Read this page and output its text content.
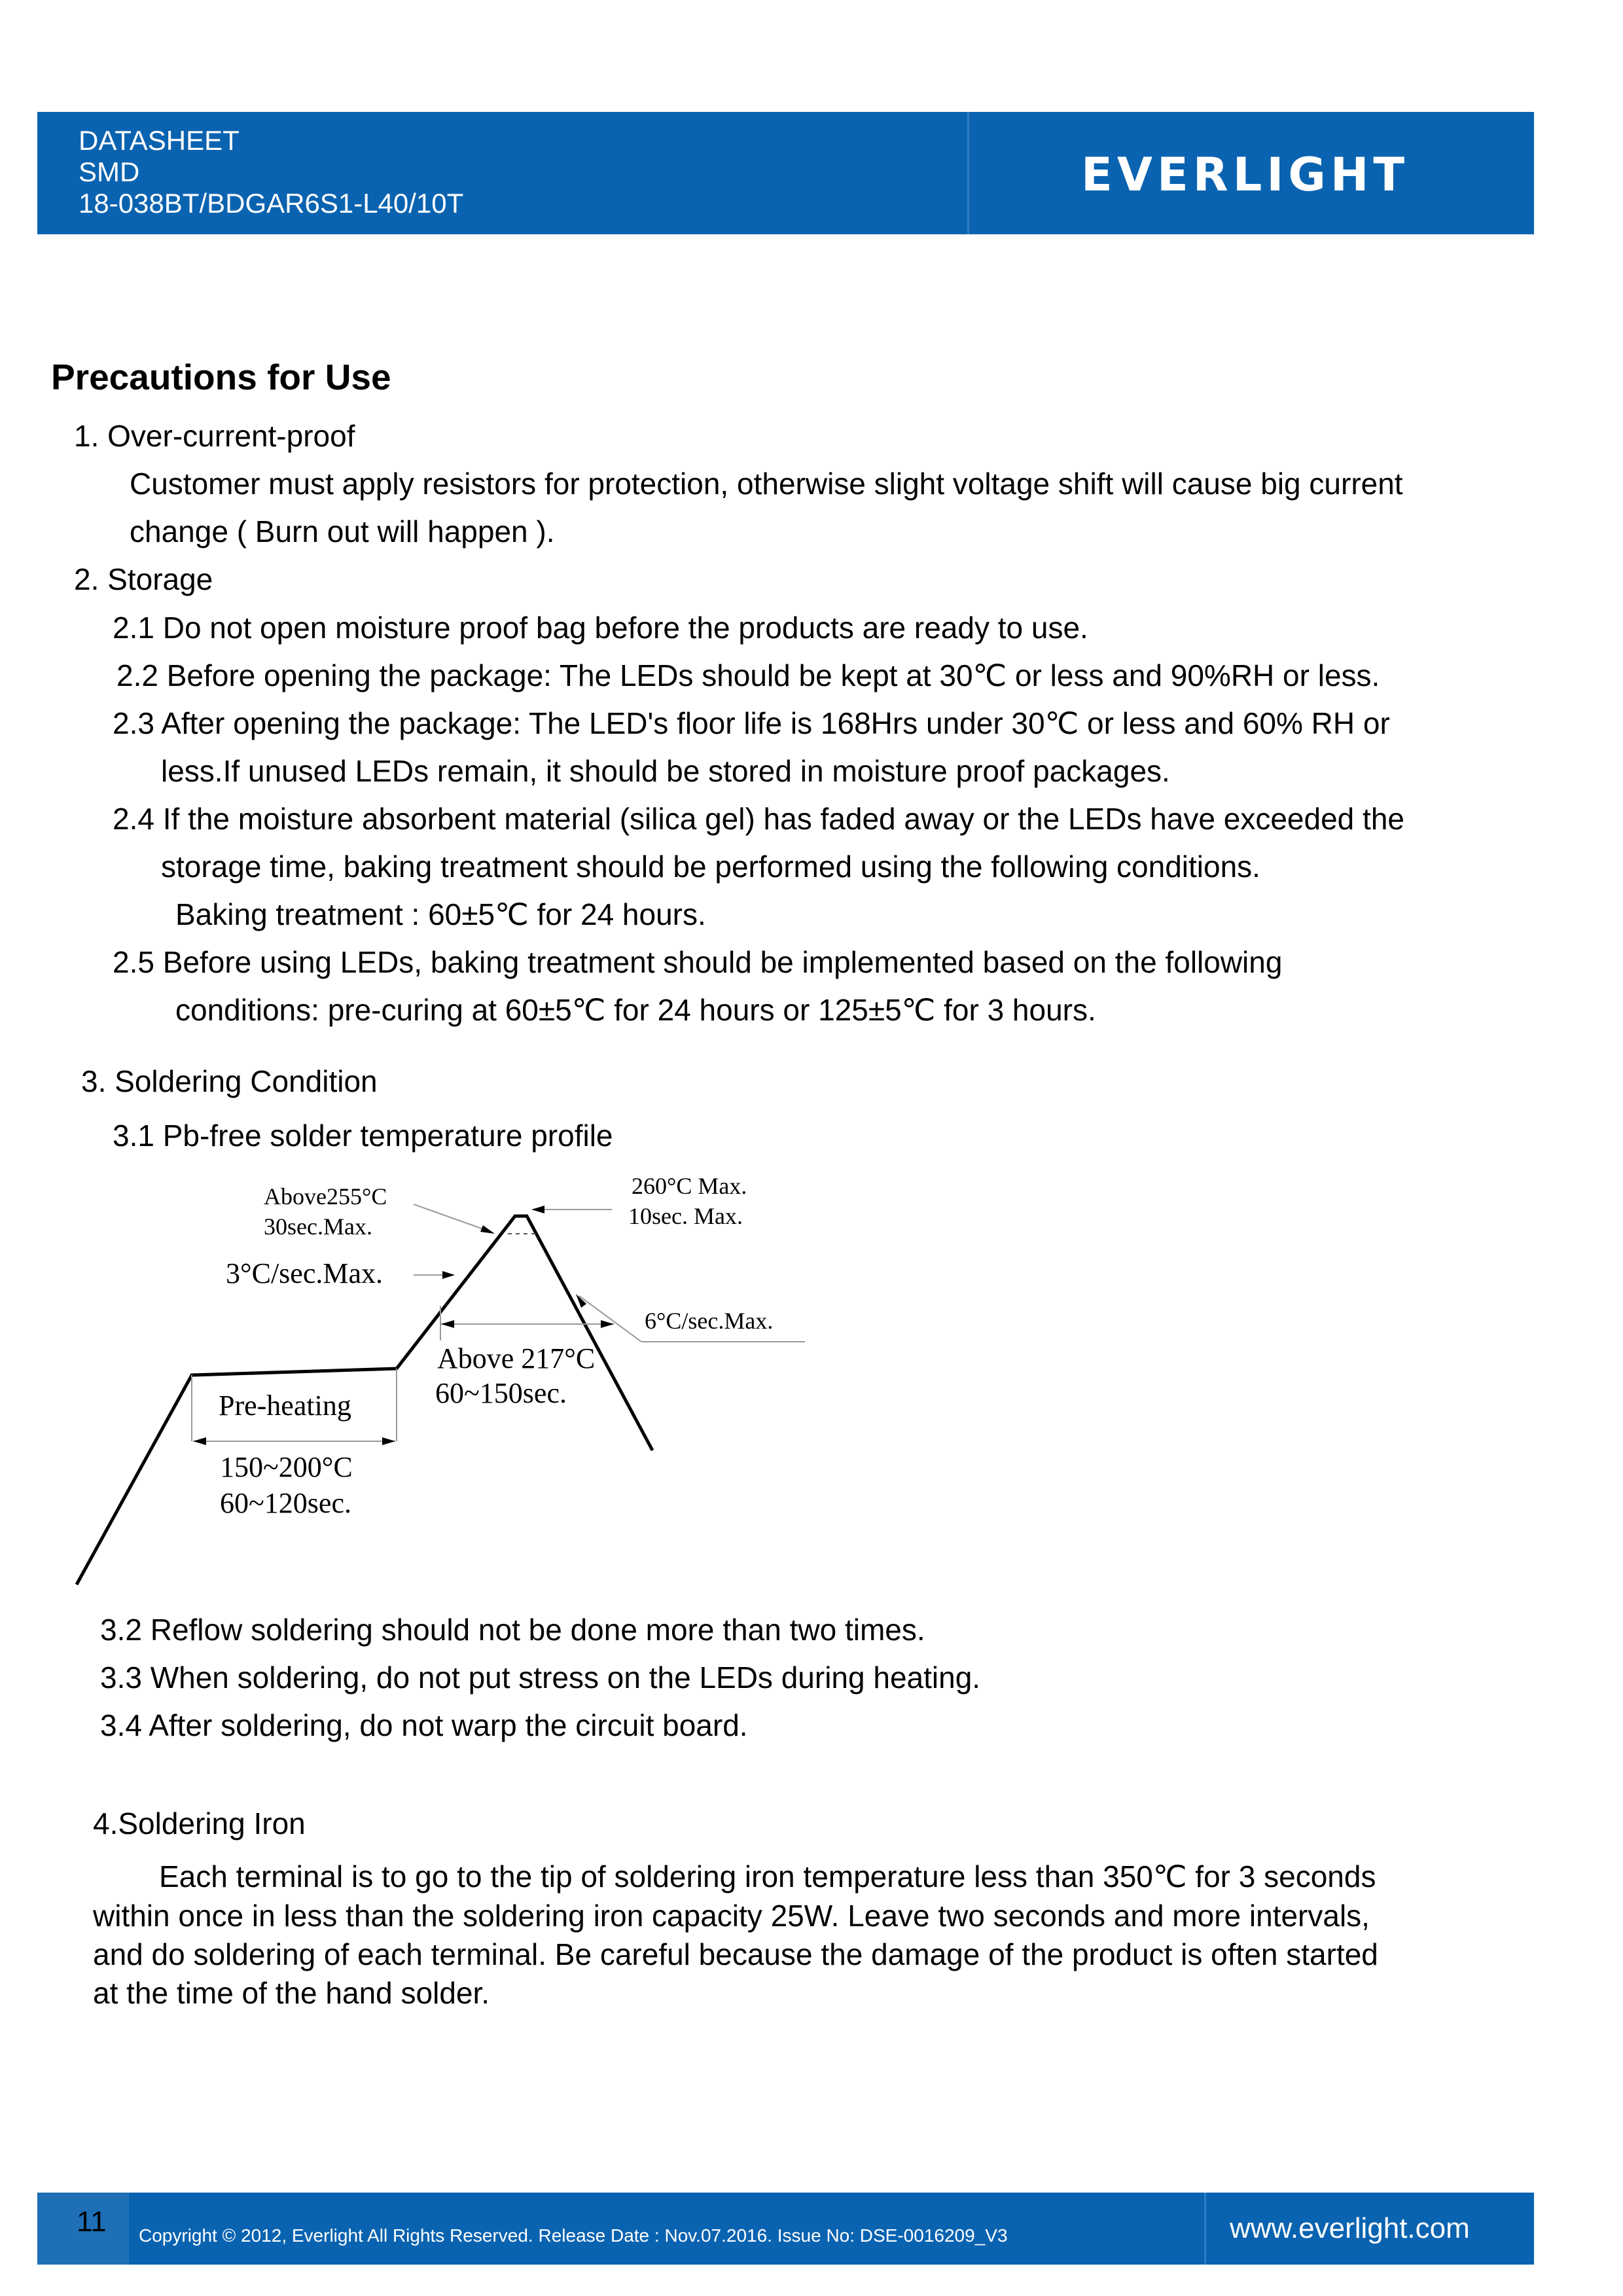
DATASHEET
SMD
18-038BT/BDGAR6S1-L40/10T
EVERLIGHT
Precautions for Use
1. Over-current-proof
Customer must apply resistors for protection, otherwise slight voltage shift will cause big current
change ( Burn out will happen ).
2. Storage
2.1 Do not open moisture proof bag before the products are ready to use.
2.2 Before opening the package: The LEDs should be kept at 30℃ or less and 90%RH or less.
2.3 After opening the package: The LED's floor life is 168Hrs under 30℃ or less and 60% RH or
less.If unused LEDs remain, it should be stored in moisture proof packages.
2.4 If the moisture absorbent material (silica gel) has faded away or the LEDs have exceeded the
storage time, baking treatment should be performed using the following conditions.
Baking treatment : 60±5℃ for 24 hours.
2.5 Before using LEDs, baking treatment should be implemented based on the following
conditions: pre-curing at 60±5℃ for 24 hours or 125±5℃ for 3 hours.
3. Soldering Condition
3.1 Pb-free solder temperature profile
Above255°C
30sec.Max.
3°C/sec.Max.
260°C Max.
10sec. Max.
6°C/sec.Max.
Above 217°C
60~150sec.
Pre-heating
150~200°C
60~120sec.
3.2 Reflow soldering should not be done more than two times.
3.3 When soldering, do not put stress on the LEDs during heating.
3.4 After soldering, do not warp the circuit board.
4.Soldering Iron
Each terminal is to go to the tip of soldering iron temperature less than 350℃ for 3 seconds
within once in less than the soldering iron capacity 25W. Leave two seconds and more intervals,
and do soldering of each terminal. Be careful because the damage of the product is often started
at the time of the hand solder.
11 Copyright © 2012, Everlight All Rights Reserved. Release Date : Nov.07.2016. Issue No: DSE-0016209_V3	www.everlight.com
